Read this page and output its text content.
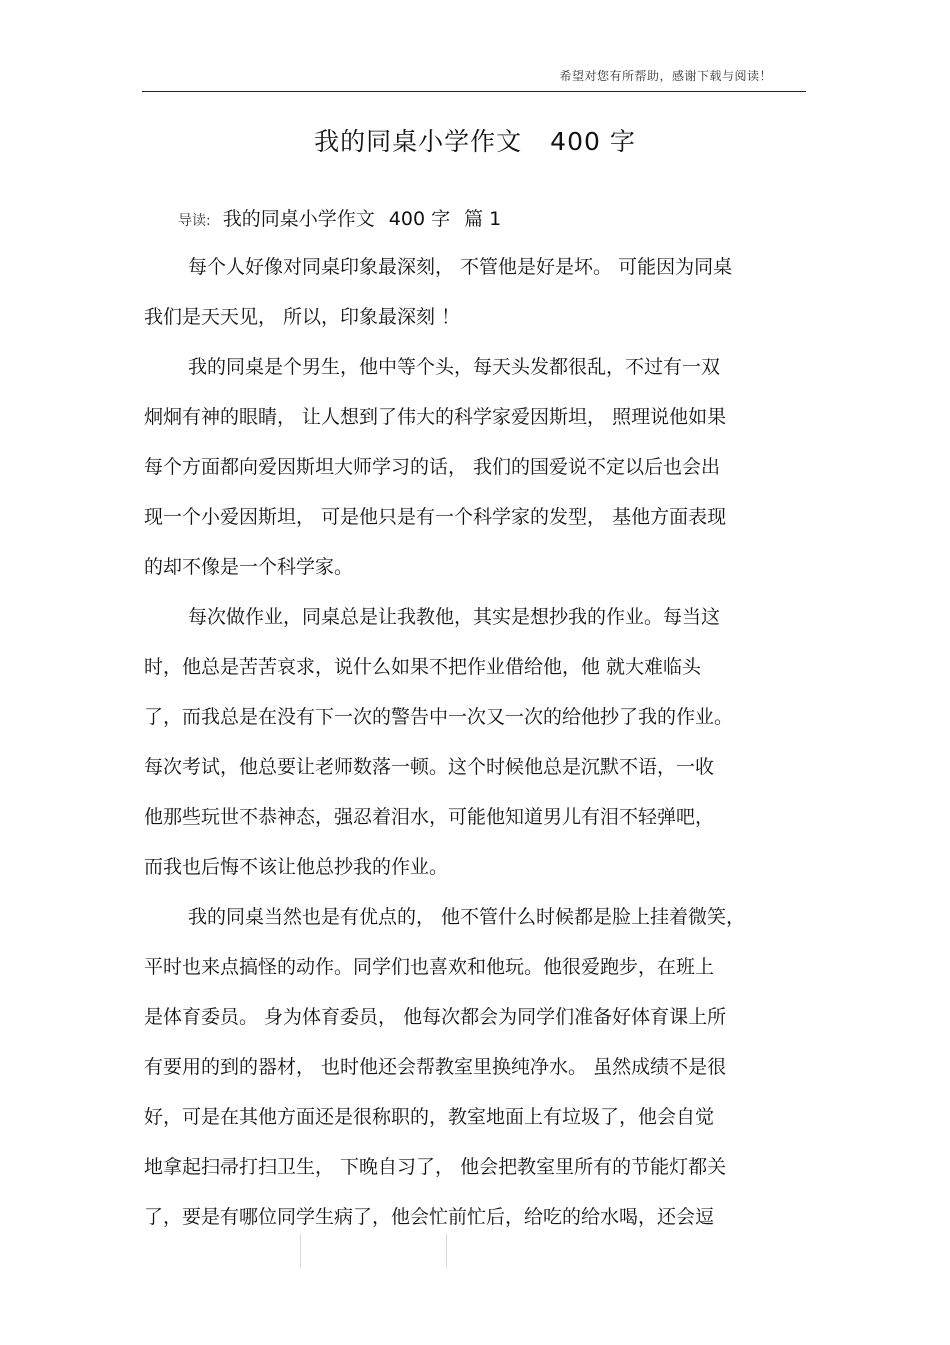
希望对您有所帮助，感谢下载与阅读！
我的同桌小学作文 400 字
导读: 我的同桌小学作文 400 字 篇 1
每个人好像对同桌印象最深刻， 不管他是好是坏。 可能因为同桌
我们是天天见， 所以，印象最深刻 ！
我的同桌是个男生，他中等个头，每天头发都很乱，不过有一双
炯炯有神的眼睛， 让人想到了伟大的科学家爱因斯坦， 照理说他如果
每个方面都向爱因斯坦大师学习的话， 我们的国爱说不定以后也会出
现一个小爱因斯坦， 可是他只是有一个科学家的发型， 基他方面表现
的却不像是一个科学家。
每次做作业，同桌总是让我教他，其实是想抄我的作业。每当这
时，他总是苦苦哀求，说什么如果不把作业借给他，他 就大难临头
了，而我总是在没有下一次的警告中一次又一次的给他抄了我的作业。
每次考试，他总要让老师数落一顿。这个时候他总是沉默不语，一收
他那些玩世不恭神态，强忍着泪水，可能他知道男儿有泪不轻弹吧，
而我也后悔不该让他总抄我的作业。
我的同桌当然也是有优点的， 他不管什么时候都是脸上挂着微笑，
平时也来点搞怪的动作。同学们也喜欢和他玩。他很爱跑步，在班上
是体育委员。 身为体育委员， 他每次都会为同学们准备好体育课上所
有要用的到的器材， 也时他还会帮教室里换纯净水。 虽然成绩不是很
好，可是在其他方面还是很称职的，教室地面上有垃圾了，他会自觉
地拿起扫帚打扫卫生， 下晚自习了， 他会把教室里所有的节能灯都关
了，要是有哪位同学生病了，他会忙前忙后，给吃的给水喝，还会逗
